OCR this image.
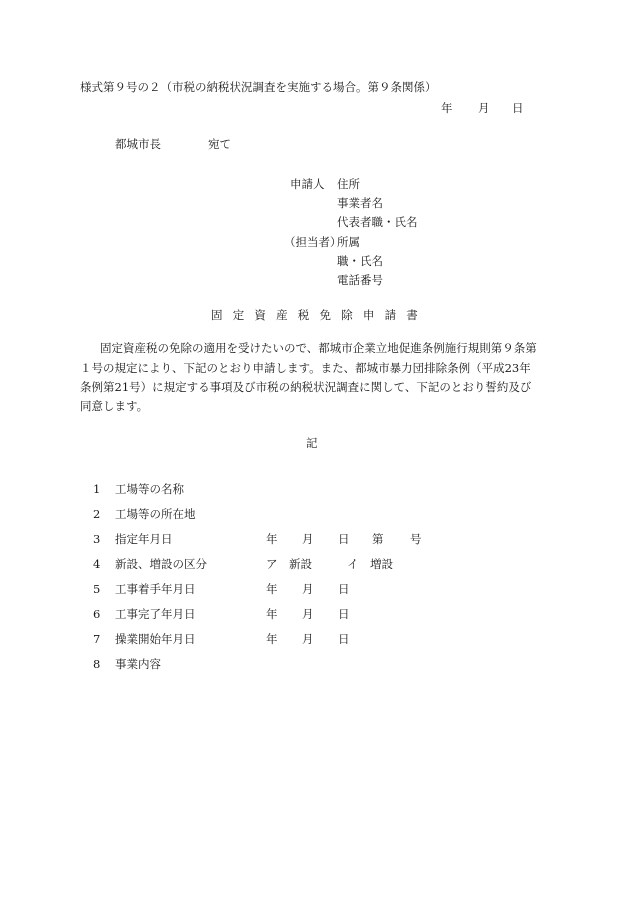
様式第９号の２（市税の納税状況調査を実施する場合。第９条関係）
年 月 日
都城市長	宛て
申請人 住所
事業者名
代表者職・氏名
（担当者）
所属
職・氏名
電話番号
固定資産税免除申請書
固定資産税の免除の適用を受けたいので、都城市企業立地促進条例施行規則第９条第
１号の規定により、下記のとおり申請します。また、都城市暴力団排除条例（平成23年
条例第21号）に規定する事項及び市税の納税状況調査に関して、下記のとおり誓約及び
同意します。
記
1 工場等の名称
2 工場等の所在地
3 指定年月日	年 月 日 第 号
4 新設、増設の区分	ア　新設	イ　増設
5 工事着手年月日	年 月 日
6 工事完了年月日	年 月 日
7 操業開始年月日	年 月 日
8 事業内容
